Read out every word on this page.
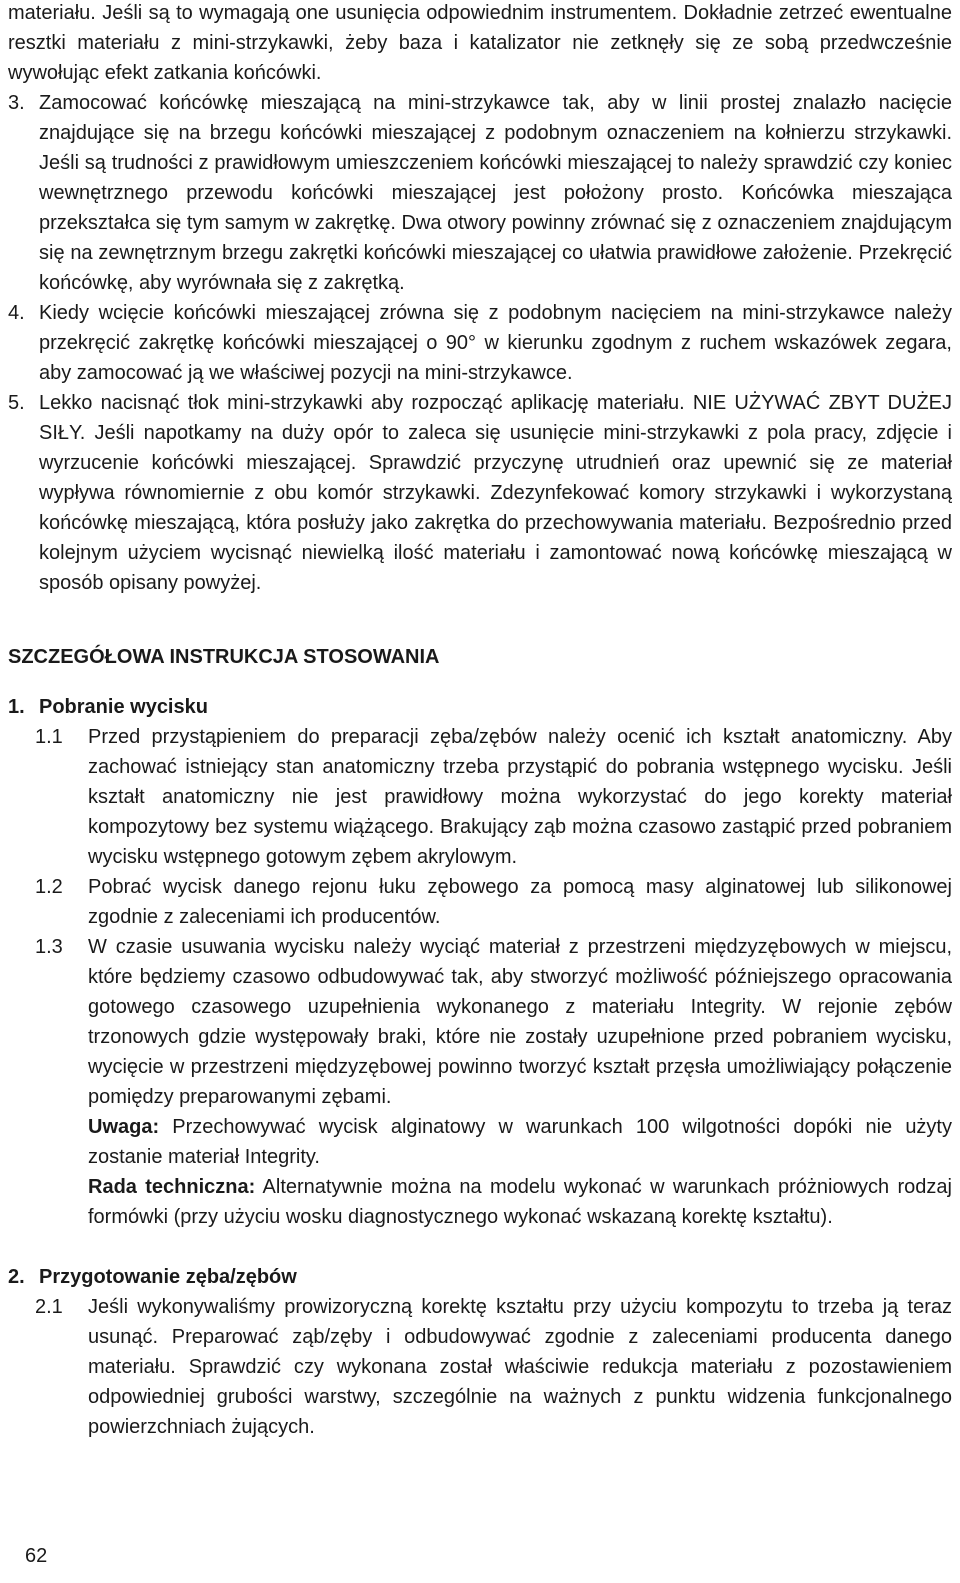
materiału. Jeśli są to wymagają one usunięcia odpowiednim instrumentem. Dokładnie zetrzeć ewentualne resztki materiału z mini-strzykawki, żeby baza i katalizator nie zetknęły się ze sobą przedwcześnie wywołując efekt zatkania końcówki.

3. Zamocować końcówkę mieszającą na mini-strzykawce tak, aby w linii prostej znalazło nacięcie znajdujące się na brzegu końcówki mieszającej z podobnym oznaczeniem na kołnierzu strzykawki. Jeśli są trudności z prawidłowym umieszczeniem końcówki mieszającej to należy sprawdzić czy koniec wewnętrznego przewodu końcówki mieszającej jest położony prosto. Końcówka mieszająca przekształca się tym samym w zakrętkę. Dwa otwory powinny zrównać się z oznaczeniem znajdującym się na zewnętrznym brzegu zakrętki końcówki mieszającej co ułatwia prawidłowe założenie. Przekręcić końcówkę, aby wyrównała się z zakrętką.
4. Kiedy wcięcie końcówki mieszającej zrówna się z podobnym nacięciem na mini-strzykawce należy przekręcić zakrętkę końcówki mieszającej o 90° w kierunku zgodnym z ruchem wskazówek zegara, aby zamocować ją we właściwej pozycji na mini-strzykawce.
5. Lekko nacisnąć tłok mini-strzykawki aby rozpocząć aplikację materiału. NIE UŻYWAĆ ZBYT DUŻEJ SIŁY. Jeśli napotkamy na duży opór to zaleca się usunięcie mini-strzykawki z pola pracy, zdjęcie i wyrzucenie końcówki mieszającej. Sprawdzić przyczynę utrudnień oraz upewnić się ze materiał wypływa równomiernie z obu komór strzykawki. Zdezynfekować komory strzykawki i wykorzystaną końcówkę mieszającą, która posłuży jako zakrętka do przechowywania materiału. Bezpośrednio przed kolejnym użyciem wycisnąć niewielką ilość materiału i zamontować nową końcówkę mieszającą w sposób opisany powyżej.

SZCZEGÓŁOWA INSTRUKCJA STOSOWANIA

1. Pobranie wycisku
1.1	Przed przystąpieniem do preparacji zęba/zębów należy ocenić ich kształt anatomiczny. Aby zachować istniejący stan anatomiczny trzeba przystąpić do pobrania wstępnego wycisku. Jeśli kształt anatomiczny nie jest prawidłowy można wykorzystać do jego korekty materiał kompozytowy bez systemu wiążącego. Brakujący ząb można czasowo zastąpić przed pobraniem wycisku wstępnego gotowym zębem akrylowym.
1.2	Pobrać wycisk danego rejonu łuku zębowego za pomocą masy alginatowej lub silikonowej zgodnie z zaleceniami ich producentów.
1.3	W czasie usuwania wycisku należy wyciąć materiał z przestrzeni międzyzębowych w miejscu, które będziemy czasowo odbudowywać tak, aby stworzyć możliwość późniejszego opracowania gotowego czasowego uzupełnienia wykonanego z materiału Integrity. W rejonie zębów trzonowych gdzie występowały braki, które nie zostały uzupełnione przed pobraniem wycisku, wycięcie w przestrzeni międzyzębowej powinno tworzyć kształt przęsła umożliwiający połączenie pomiędzy preparowanymi zębami.
Uwaga: Przechowywać wycisk alginatowy w warunkach 100 wilgotności dopóki nie użyty zostanie materiał Integrity.
Rada techniczna: Alternatywnie można na modelu wykonać w warunkach próżniowych rodzaj formówki (przy użyciu wosku diagnostycznego wykonać wskazaną korektę kształtu).
2. Przygotowanie zęba/zębów
2.1	Jeśli wykonywaliśmy prowizoryczną korektę kształtu przy użyciu kompozytu to trzeba ją teraz usunąć. Preparować ząb/zęby i odbudowywać zgodnie z zaleceniami producenta danego materiału. Sprawdzić czy wykonana został właściwie redukcja materiału z pozostawieniem odpowiedniej grubości warstwy, szczególnie na ważnych z punktu widzenia funkcjonalnego powierzchniach żujących.
62
